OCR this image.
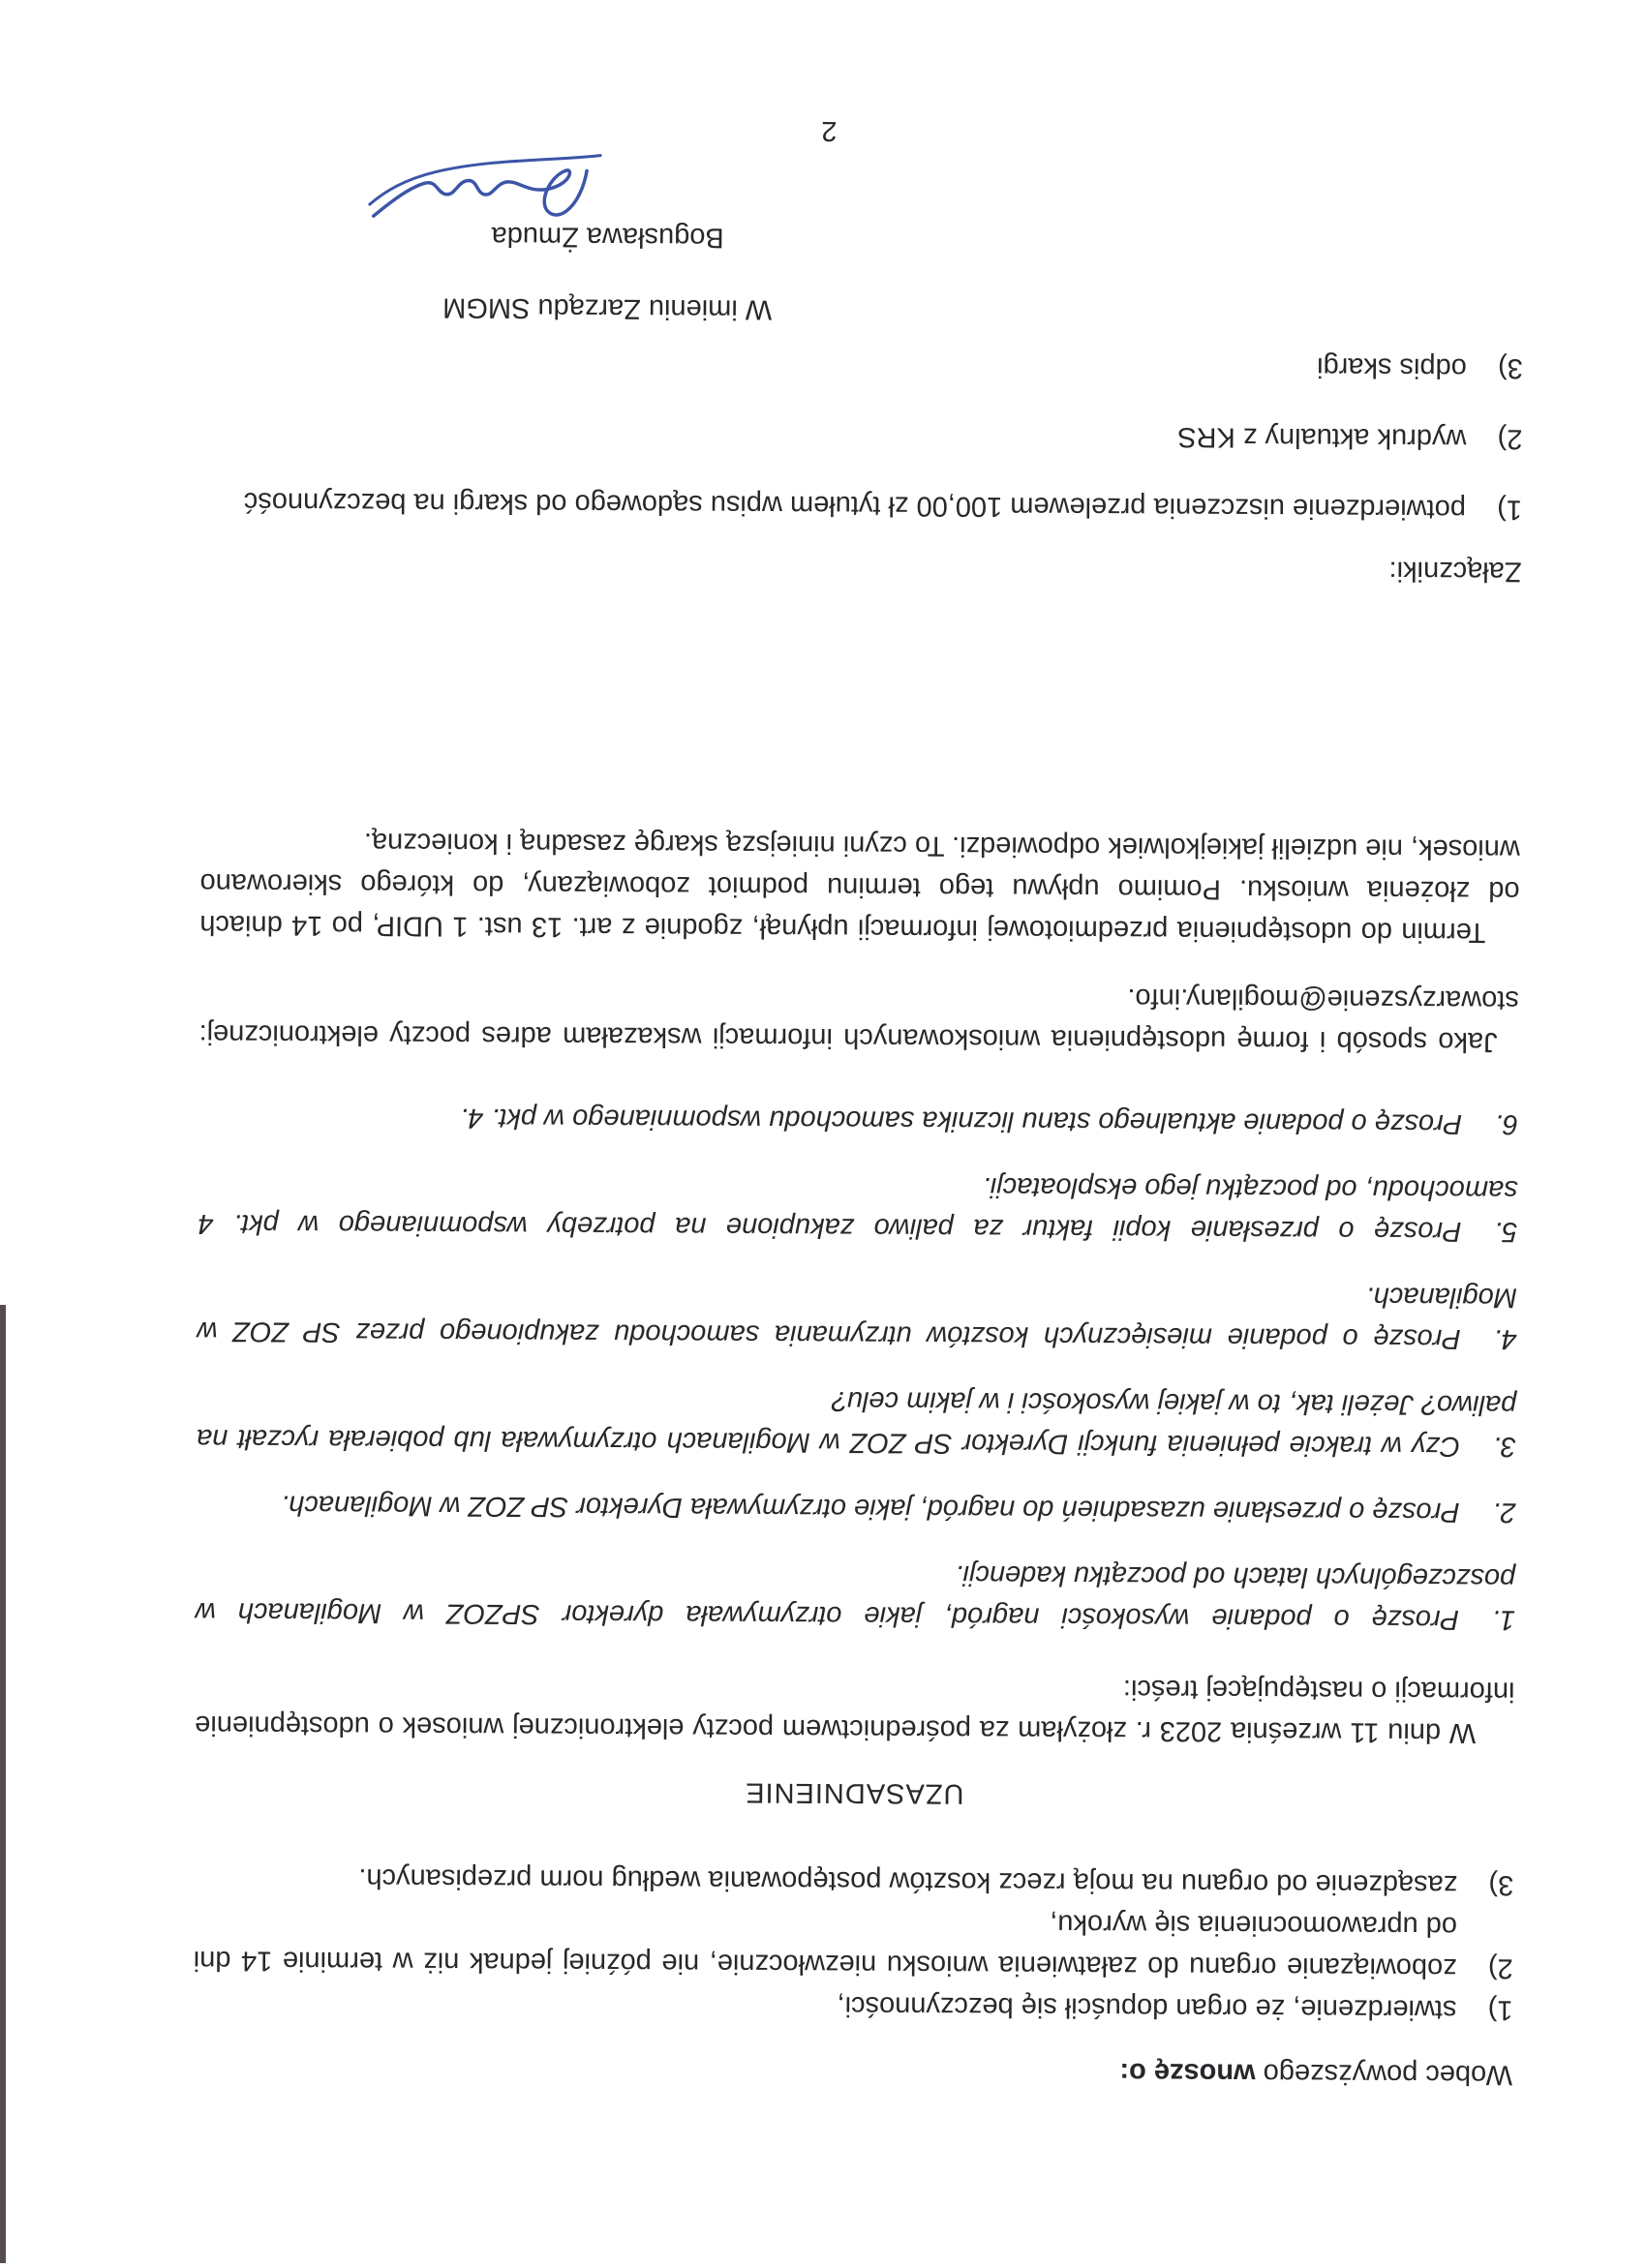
Wobec powyższego wnoszę o:

1)
stwierdzenie, że organ dopuścił się bezczynności,
2)
zobowiązanie organu do załatwienia wniosku niezwłocznie, nie później jednak niż w terminie 14 dni od uprawomocnienia się wyroku,
3)
zasądzenie od organu na moją rzecz kosztów postępowania według norm przepisanych.

UZASADNIENIE

W dniu 11 września 2023 r. złożyłam za pośrednictwem poczty elektronicznej wniosek o udostępnienie informacji o następującej treści:

1.Proszę o podanie wysokości nagród, jakie otrzymywała dyrektor SPZOZ w Mogilanach w poszczególnych latach od początku kadencji.

2.Proszę o przesłanie uzasadnień do nagród, jakie otrzymywała Dyrektor SP ZOZ w Mogilanach.

3.Czy w trakcie pełnienia funkcji Dyrektor SP ZOZ w Mogilanach otrzymywała lub pobierała ryczałt na paliwo? Jeżeli tak, to w jakiej wysokości i w jakim celu?

4.Proszę o podanie miesięcznych kosztów utrzymania samochodu zakupionego przez SP ZOZ w Mogilanach.

5.Proszę o przesłanie kopii faktur za paliwo zakupione na potrzeby wspomnianego w pkt. 4 samochodu, od początku jego eksploatacji.

6.Proszę o podanie aktualnego stanu licznika samochodu wspomnianego w pkt. 4.

Jako sposób i formę udostępnienia wnioskowanych informacji wskazałam adres poczty elektronicznej: stowarzyszenie@mogilany.info.

Termin do udostępnienia przedmiotowej informacji upłynął, zgodnie z art. 13 ust. 1 UDIP, po 14 dniach od złożenia wniosku. Pomimo upływu tego terminu podmiot zobowiązany, do którego skierowano wniosek, nie udzielił jakiejkolwiek odpowiedzi. To czyni niniejszą skargę zasadną i konieczną.

Załączniki:

1)
potwierdzenie uiszczenia przelewem 100,00 zł tytułem wpisu sądowego od skargi na bezczynność
2)
wydruk aktualny z KRS
3)
odpis skargi
W imieniu Zarządu SMGM
Bogusława Żmuda
2
